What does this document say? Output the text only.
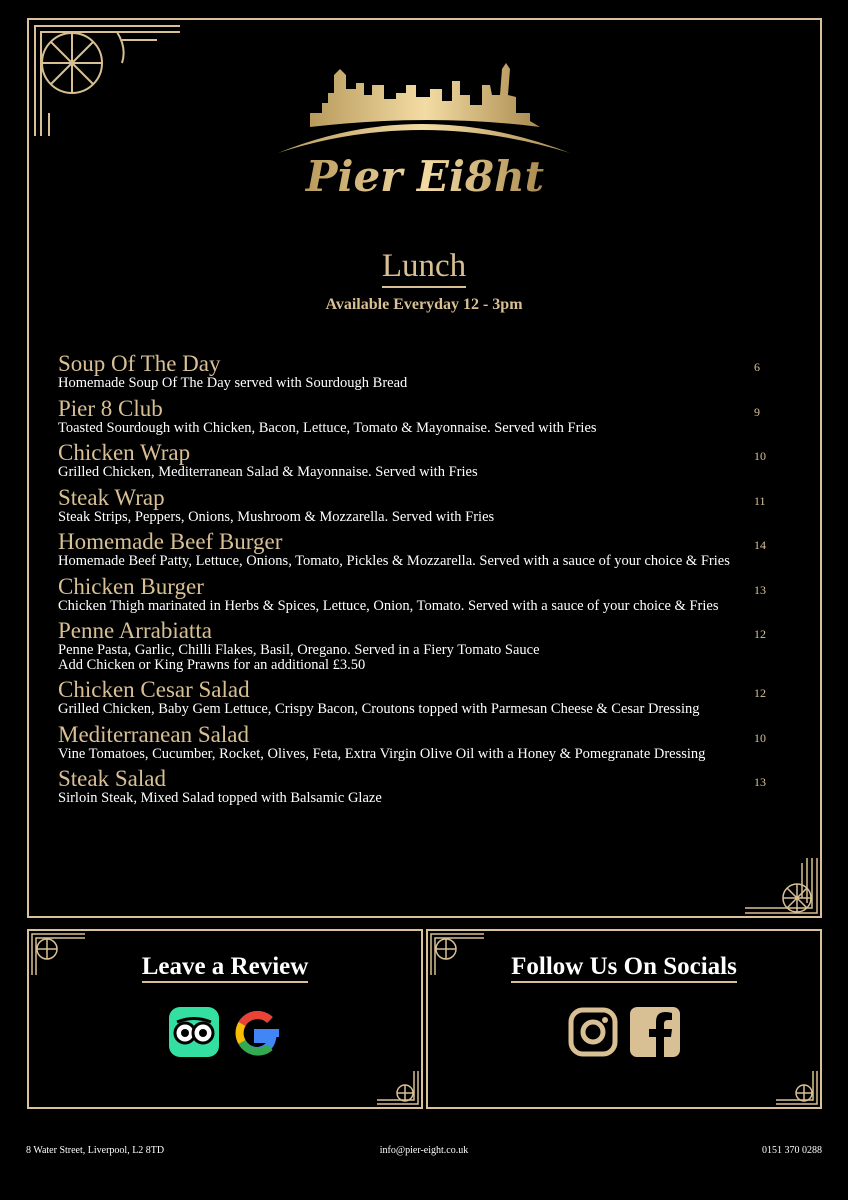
Pier Ei8ht
Lunch
Available Everyday 12 - 3pm
Soup Of The Day
Homemade Soup Of The Day served with Sourdough Bread
6
Pier 8 Club
Toasted Sourdough with Chicken, Bacon, Lettuce, Tomato & Mayonnaise. Served with Fries
9
Chicken Wrap
Grilled Chicken, Mediterranean Salad & Mayonnaise. Served with Fries
10
Steak Wrap
Steak Strips, Peppers, Onions, Mushroom & Mozzarella. Served with Fries
11
Homemade Beef Burger
Homemade Beef Patty, Lettuce, Onions, Tomato, Pickles & Mozzarella. Served with a sauce of your choice & Fries
14
Chicken Burger
Chicken Thigh marinated in Herbs & Spices, Lettuce, Onion, Tomato. Served with a sauce of your choice & Fries
13
Penne Arrabiatta
Penne Pasta, Garlic, Chilli Flakes, Basil, Oregano. Served in a Fiery Tomato Sauce
Add Chicken or King Prawns for an additional £3.50
12
Chicken Cesar Salad
Grilled Chicken, Baby Gem Lettuce, Crispy Bacon, Croutons topped with Parmesan Cheese & Cesar Dressing
12
Mediterranean Salad
Vine Tomatoes, Cucumber, Rocket, Olives, Feta, Extra Virgin Olive Oil with a Honey & Pomegranate Dressing
10
Steak Salad
Sirloin Steak, Mixed Salad topped with Balsamic Glaze
13
Leave a Review	Follow Us On Socials
8 Water Street, Liverpool, L2 8TD	info@pier-eight.co.uk	0151 370 0288
